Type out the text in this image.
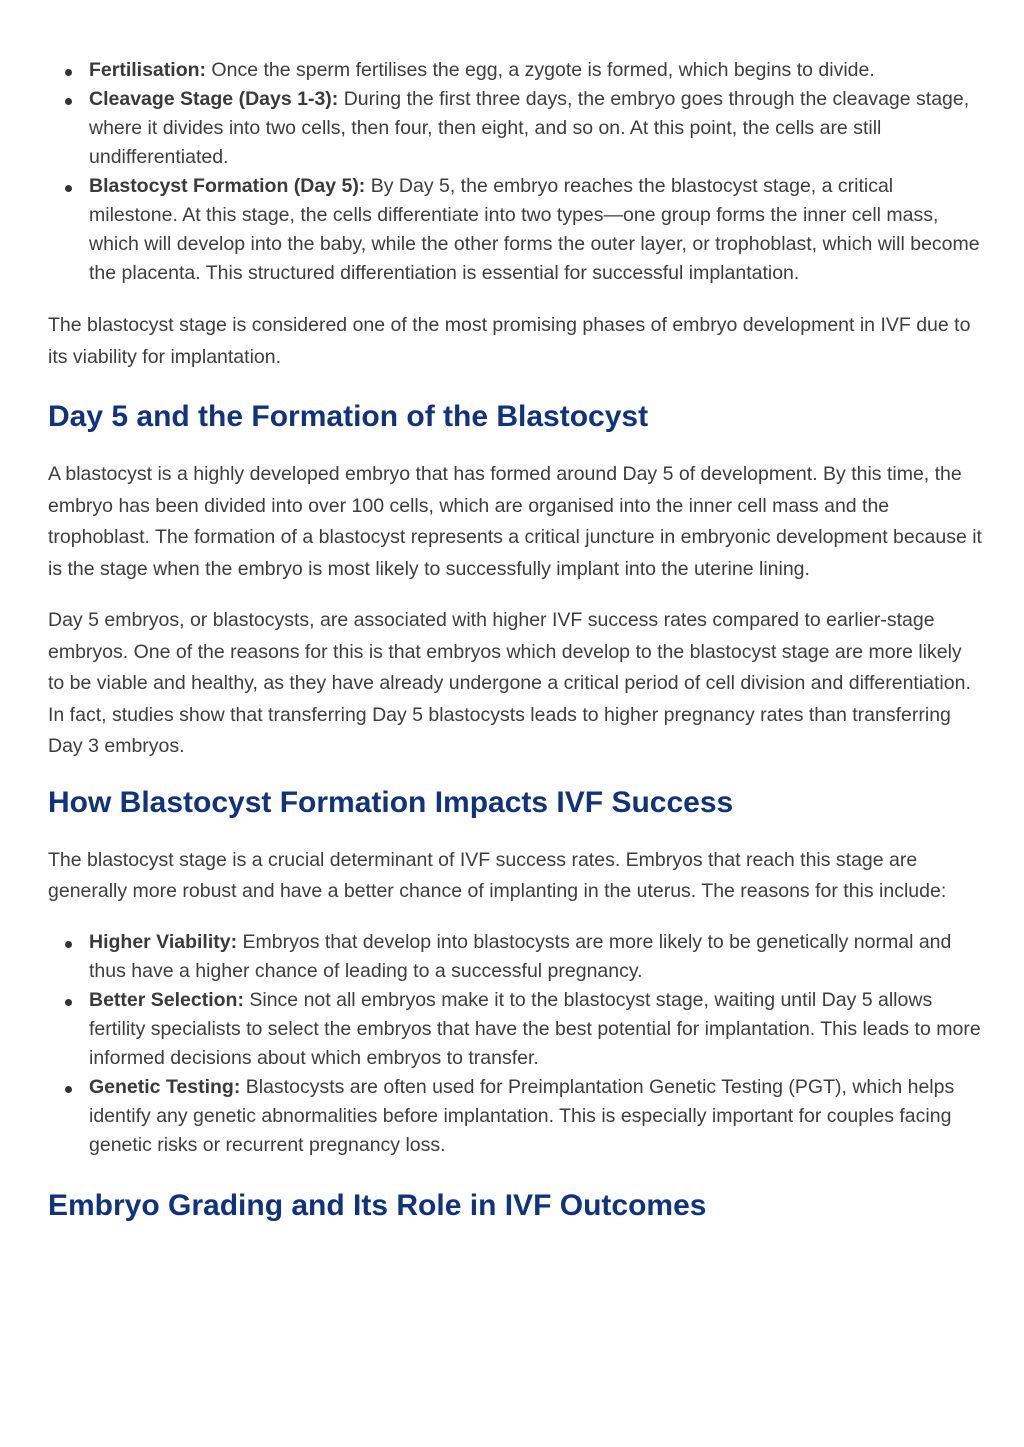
Fertilisation: Once the sperm fertilises the egg, a zygote is formed, which begins to divide.
Cleavage Stage (Days 1-3): During the first three days, the embryo goes through the cleavage stage, where it divides into two cells, then four, then eight, and so on. At this point, the cells are still undifferentiated.
Blastocyst Formation (Day 5): By Day 5, the embryo reaches the blastocyst stage, a critical milestone. At this stage, the cells differentiate into two types—one group forms the inner cell mass, which will develop into the baby, while the other forms the outer layer, or trophoblast, which will become the placenta. This structured differentiation is essential for successful implantation.

The blastocyst stage is considered one of the most promising phases of embryo development in IVF due to its viability for implantation.

Day 5 and the Formation of the Blastocyst

A blastocyst is a highly developed embryo that has formed around Day 5 of development. By this time, the embryo has been divided into over 100 cells, which are organised into the inner cell mass and the trophoblast. The formation of a blastocyst represents a critical juncture in embryonic development because it is the stage when the embryo is most likely to successfully implant into the uterine lining.

Day 5 embryos, or blastocysts, are associated with higher IVF success rates compared to earlier-stage embryos. One of the reasons for this is that embryos which develop to the blastocyst stage are more likely to be viable and healthy, as they have already undergone a critical period of cell division and differentiation. In fact, studies show that transferring Day 5 blastocysts leads to higher pregnancy rates than transferring Day 3 embryos.

How Blastocyst Formation Impacts IVF Success

The blastocyst stage is a crucial determinant of IVF success rates. Embryos that reach this stage are generally more robust and have a better chance of implanting in the uterus. The reasons for this include:

Higher Viability: Embryos that develop into blastocysts are more likely to be genetically normal and thus have a higher chance of leading to a successful pregnancy.
Better Selection: Since not all embryos make it to the blastocyst stage, waiting until Day 5 allows fertility specialists to select the embryos that have the best potential for implantation. This leads to more informed decisions about which embryos to transfer.
Genetic Testing: Blastocysts are often used for Preimplantation Genetic Testing (PGT), which helps identify any genetic abnormalities before implantation. This is especially important for couples facing genetic risks or recurrent pregnancy loss.
Embryo Grading and Its Role in IVF Outcomes
